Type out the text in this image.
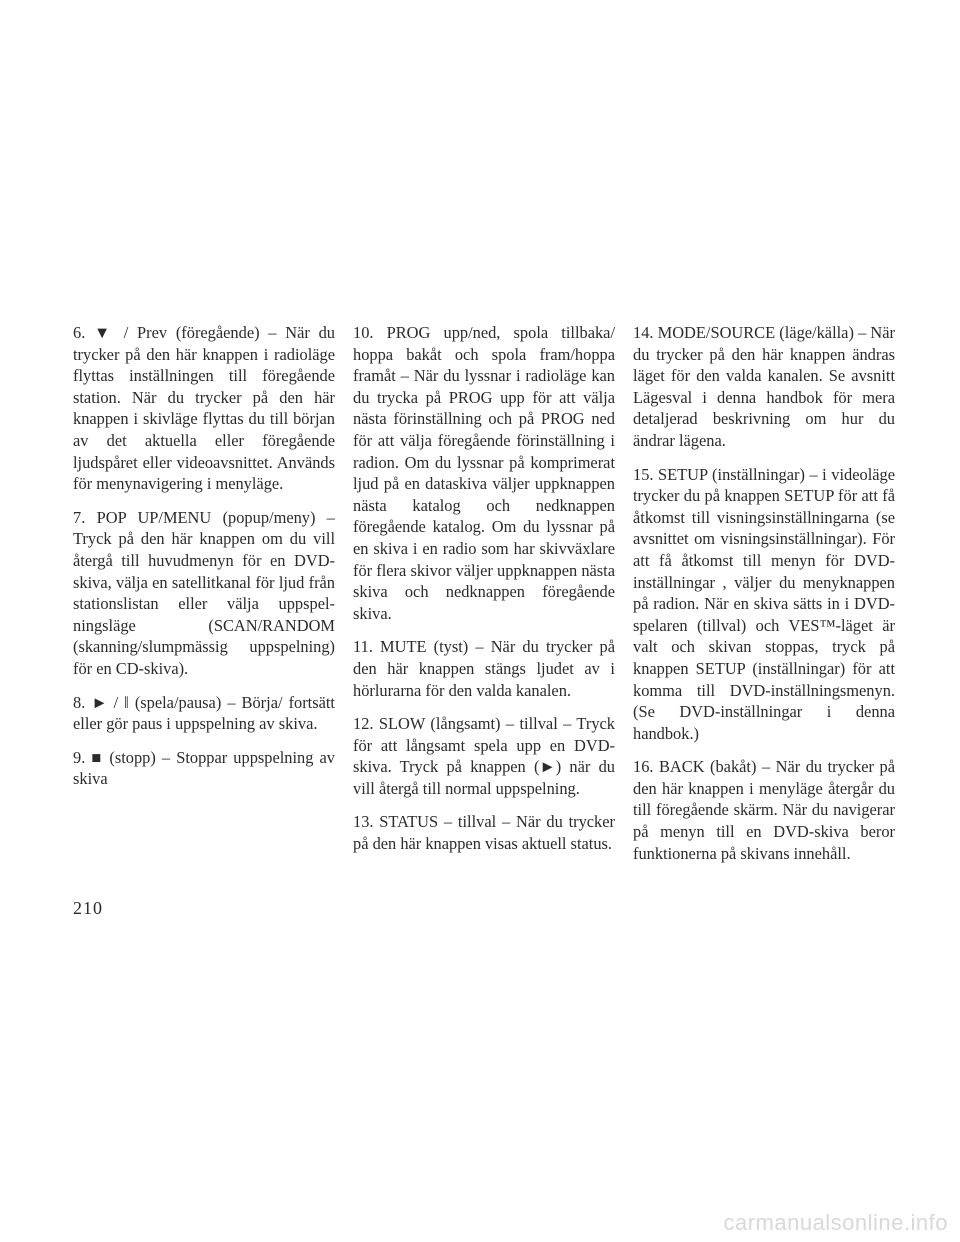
6. ▼ / Prev (föregående) – När du trycker på den här knappen i radioläge flyttas inställningen till föregående station. När du trycker på den här knappen i skivläge flyttas du till början av det aktuella eller föregående ljudspåret eller videoavsnittet. Används för menynavigering i menyläge.

7. POP UP/MENU (popup/meny) – Tryck på den här knappen om du vill återgå till huvudmenyn för en DVD-skiva, välja en satellitkanal för ljud från stationslistan eller välja uppspelningsläge (SCAN/RANDOM (skanning/slumpmässig uppspelning) för en CD-skiva).

8. ► / ‖ (spela/pausa) – Börja/ fortsätt eller gör paus i uppspelning av skiva.

9. ■ (stopp) – Stoppar uppspelning av skiva

10. PROG upp/ned, spola tillbaka/ hoppa bakåt och spola fram/hoppa framåt – När du lyssnar i radioläge kan du trycka på PROG upp för att välja nästa förinställning och på PROG ned för att välja föregående förinställning i radion. Om du lyssnar på komprimerat ljud på en dataskiva väljer uppknappen nästa katalog och nedknappen föregående katalog. Om du lyssnar på en skiva i en radio som har skivväxlare för flera skivor väljer uppknappen nästa skiva och nedknappen föregående skiva.

11. MUTE (tyst) – När du trycker på den här knappen stängs ljudet av i hörlurarna för den valda kanalen.

12. SLOW (långsamt) – tillval – Tryck för att långsamt spela upp en DVD-skiva. Tryck på knappen (►) när du vill återgå till normal uppspelning.

13. STATUS – tillval – När du trycker på den här knappen visas aktuell status.

14. MODE/SOURCE (läge/källa) – När du trycker på den här knappen ändras läget för den valda kanalen. Se avsnitt Lägesval i denna handbok för mera detaljerad beskrivning om hur du ändrar lägena.

15. SETUP (inställningar) – i videoläge trycker du på knappen SETUP för att få åtkomst till visningsinställningarna (se avsnittet om visningsinställningar). För att få åtkomst till menyn för DVD-inställningar , väljer du menyknappen på radion. När en skiva sätts in i DVD-spelaren (tillval) och VES™-läget är valt och skivan stoppas, tryck på knappen SETUP (inställningar) för att komma till DVD-inställningsmenyn. (Se DVD-inställningar i denna handbok.)

16. BACK (bakåt) – När du trycker på den här knappen i menyläge återgår du till föregående skärm. När du navigerar på menyn till en DVD-skiva beror funktionerna på skivans innehåll.

210
carmanualsonline.info
